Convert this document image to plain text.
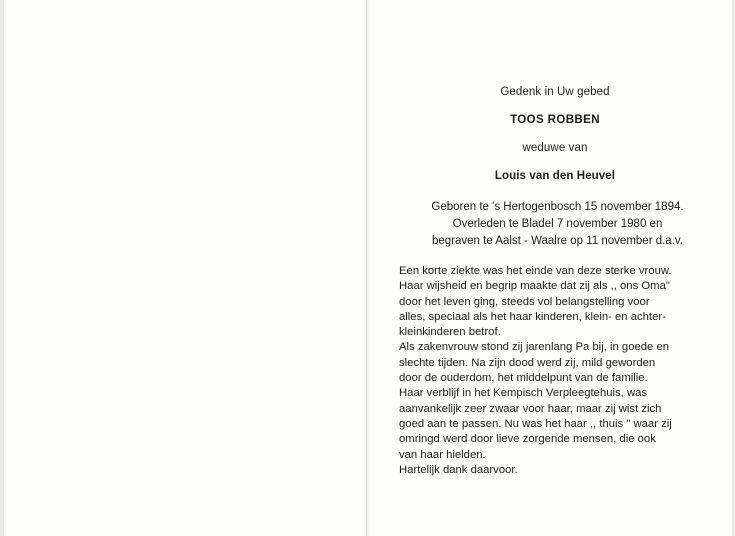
Gedenk in Uw gebed
TOOS ROBBEN
weduwe van
Louis van den Heuvel
Geboren te 's Hertogenbosch 15 november 1894.
Overleden te Bladel 7 november 1980 en
begraven te Aalst - Waalre op 11 november d.a.v.
Een korte ziekte was het einde van deze sterke vrouw.
Haar wijsheid en begrip maakte dat zij als ,, ons Oma"
door het leven ging, steeds vol belangstelling voor
alles, speciaal als het haar kinderen, klein- en achter-
kleinkinderen betrof.
Als zakenvrouw stond zij jarenlang Pa bij, in goede en
slechte tijden. Na zijn dood werd zij, mild geworden
door de ouderdom, het middelpunt van de familie.
Haar verblijf in het Kempisch Verpleegtehuis, was
aanvankelijk zeer zwaar voor haar, maar zij wist zich
goed aan te passen. Nu was het haar ,, thuis " waar zij
omringd werd door lieve zorgende mensen, die ook
van haar hielden.
Hartelijk dank daarvoor.
